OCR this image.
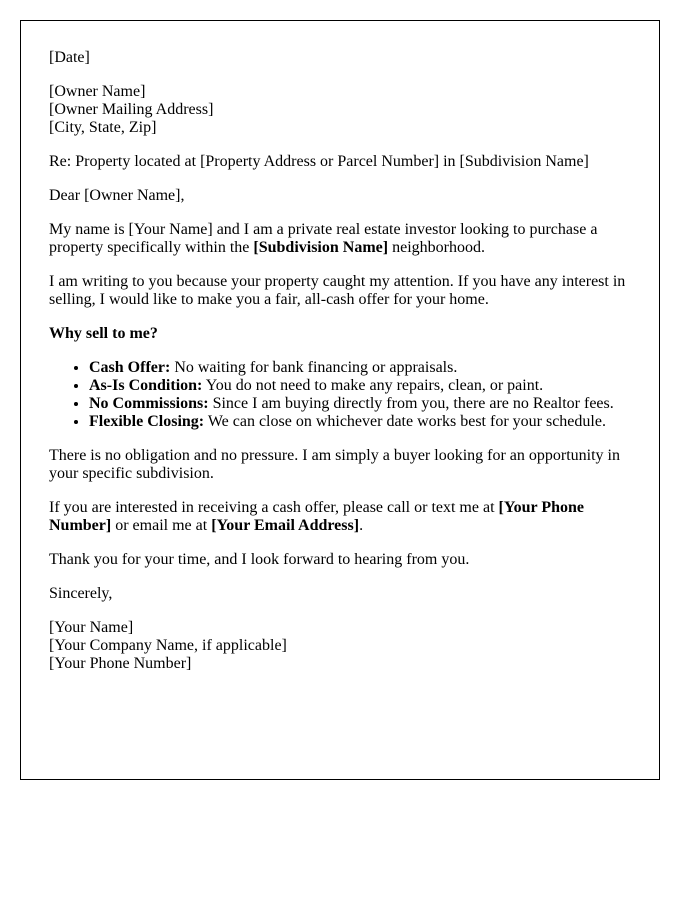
[Date]

[Owner Name]

[Owner Mailing Address]

[City, State, Zip]

Re: Property located at [Property Address or Parcel Number] in [Subdivision Name]

Dear [Owner Name],

My name is [Your Name] and I am a private real estate investor looking to purchase a property specifically within the [Subdivision Name] neighborhood.

I am writing to you because your property caught my attention. If you have any interest in selling, I would like to make you a fair, all-cash offer for your home.

Why sell to me?

• Cash Offer: No waiting for bank financing or appraisals.
• As-Is Condition: You do not need to make any repairs, clean, or paint.
• No Commissions: Since I am buying directly from you, there are no Realtor fees.
• Flexible Closing: We can close on whichever date works best for your schedule.

There is no obligation and no pressure. I am simply a buyer looking for an opportunity in your specific subdivision.

If you are interested in receiving a cash offer, please call or text me at [Your Phone Number] or email me at [Your Email Address].

Thank you for your time, and I look forward to hearing from you.

Sincerely,

[Your Name]
[Your Company Name, if applicable]
[Your Phone Number]
